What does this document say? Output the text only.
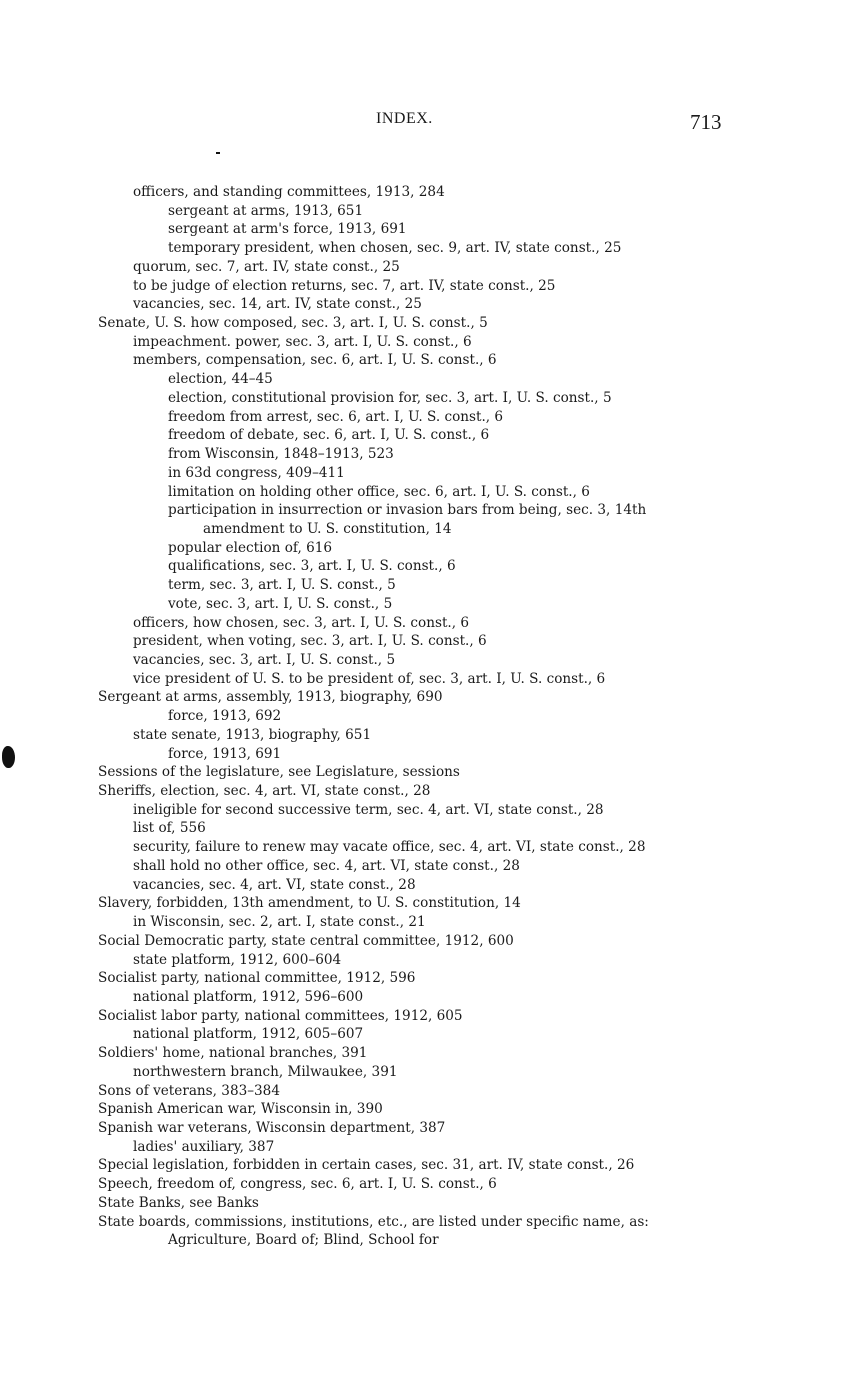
INDEX.	713
officers, and standing committees, 1913, 284
sergeant at arms, 1913, 651
sergeant at arm's force, 1913, 691
temporary president, when chosen, sec. 9, art. IV, state const., 25
quorum, sec. 7, art. IV, state const., 25
to be judge of election returns, sec. 7, art. IV, state const., 25
vacancies, sec. 14, art. IV, state const., 25
Senate, U. S. how composed, sec. 3, art. I, U. S. const., 5
impeachment. power, sec. 3, art. I, U. S. const., 6
members, compensation, sec. 6, art. I, U. S. const., 6
election, 44–45
election, constitutional provision for, sec. 3, art. I, U. S. const., 5
freedom from arrest, sec. 6, art. I, U. S. const., 6
freedom of debate, sec. 6, art. I, U. S. const., 6
from Wisconsin, 1848–1913, 523
in 63d congress, 409–411
limitation on holding other office, sec. 6, art. I, U. S. const., 6
participation in insurrection or invasion bars from being, sec. 3, 14th
amendment to U. S. constitution, 14
popular election of, 616
qualifications, sec. 3, art. I, U. S. const., 6
term, sec. 3, art. I, U. S. const., 5
vote, sec. 3, art. I, U. S. const., 5
officers, how chosen, sec. 3, art. I, U. S. const., 6
president, when voting, sec. 3, art. I, U. S. const., 6
vacancies, sec. 3, art. I, U. S. const., 5
vice president of U. S. to be president of, sec. 3, art. I, U. S. const., 6
Sergeant at arms, assembly, 1913, biography, 690
force, 1913, 692
state senate, 1913, biography, 651
force, 1913, 691
Sessions of the legislature, see Legislature, sessions
Sheriffs, election, sec. 4, art. VI, state const., 28
ineligible for second successive term, sec. 4, art. VI, state const., 28
list of, 556
security, failure to renew may vacate office, sec. 4, art. VI, state const., 28
shall hold no other office, sec. 4, art. VI, state const., 28
vacancies, sec. 4, art. VI, state const., 28
Slavery, forbidden, 13th amendment, to U. S. constitution, 14
in Wisconsin, sec. 2, art. I, state const., 21
Social Democratic party, state central committee, 1912, 600
state platform, 1912, 600–604
Socialist party, national committee, 1912, 596
national platform, 1912, 596–600
Socialist labor party, national committees, 1912, 605
national platform, 1912, 605–607
Soldiers' home, national branches, 391
northwestern branch, Milwaukee, 391
Sons of veterans, 383–384
Spanish American war, Wisconsin in, 390
Spanish war veterans, Wisconsin department, 387
ladies' auxiliary, 387
Special legislation, forbidden in certain cases, sec. 31, art. IV, state const., 26
Speech, freedom of, congress, sec. 6, art. I, U. S. const., 6
State Banks, see Banks
State boards, commissions, institutions, etc., are listed under specific name, as:
Agriculture, Board of; Blind, School for
